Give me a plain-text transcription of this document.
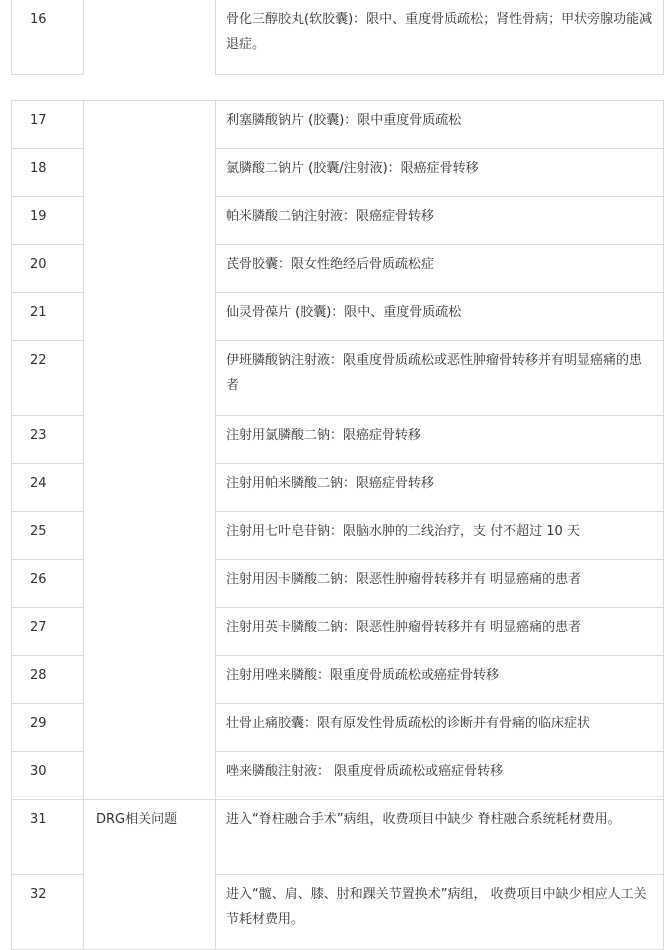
16		骨化三醇胶丸(软胶囊)：限中、重度骨质疏松；肾性骨病；甲状旁腺功能减退症。
17		利塞膦酸钠片 (胶囊)：限中重度骨质疏松
18		氯膦酸二钠片 (胶囊/注射液)：限癌症骨转移
19		帕米膦酸二钠注射液：限癌症骨转移
20		芪骨胶囊：限女性绝经后骨质疏松症
21		仙灵骨葆片 (胶囊)：限中、重度骨质疏松
22		伊班膦酸钠注射液：限重度骨质疏松或恶性肿瘤骨转移并有明显癌痛的患者
23		注射用氯膦酸二钠：限癌症骨转移
24		注射用帕米膦酸二钠：限癌症骨转移
25		注射用七叶皂苷钠：限脑水肿的二线治疗，支 付不超过 10 天
26		注射用因卡膦酸二钠：限恶性肿瘤骨转移并有 明显癌痛的患者
27		注射用英卡膦酸二钠：限恶性肿瘤骨转移并有 明显癌痛的患者
28		注射用唑来膦酸：限重度骨质疏松或癌症骨转移
29		壮骨止痛胶囊：限有原发性骨质疏松的诊断并有骨痛的临床症状
30		唑来膦酸注射液： 限重度骨质疏松或癌症骨转移
31	DRG相关问题	进入“脊柱融合手术”病组，收费项目中缺少 脊柱融合系统耗材费用。
32		进入“髋、肩、膝、肘和踝关节置换术”病组， 收费项目中缺少相应人工关节耗材费用。
